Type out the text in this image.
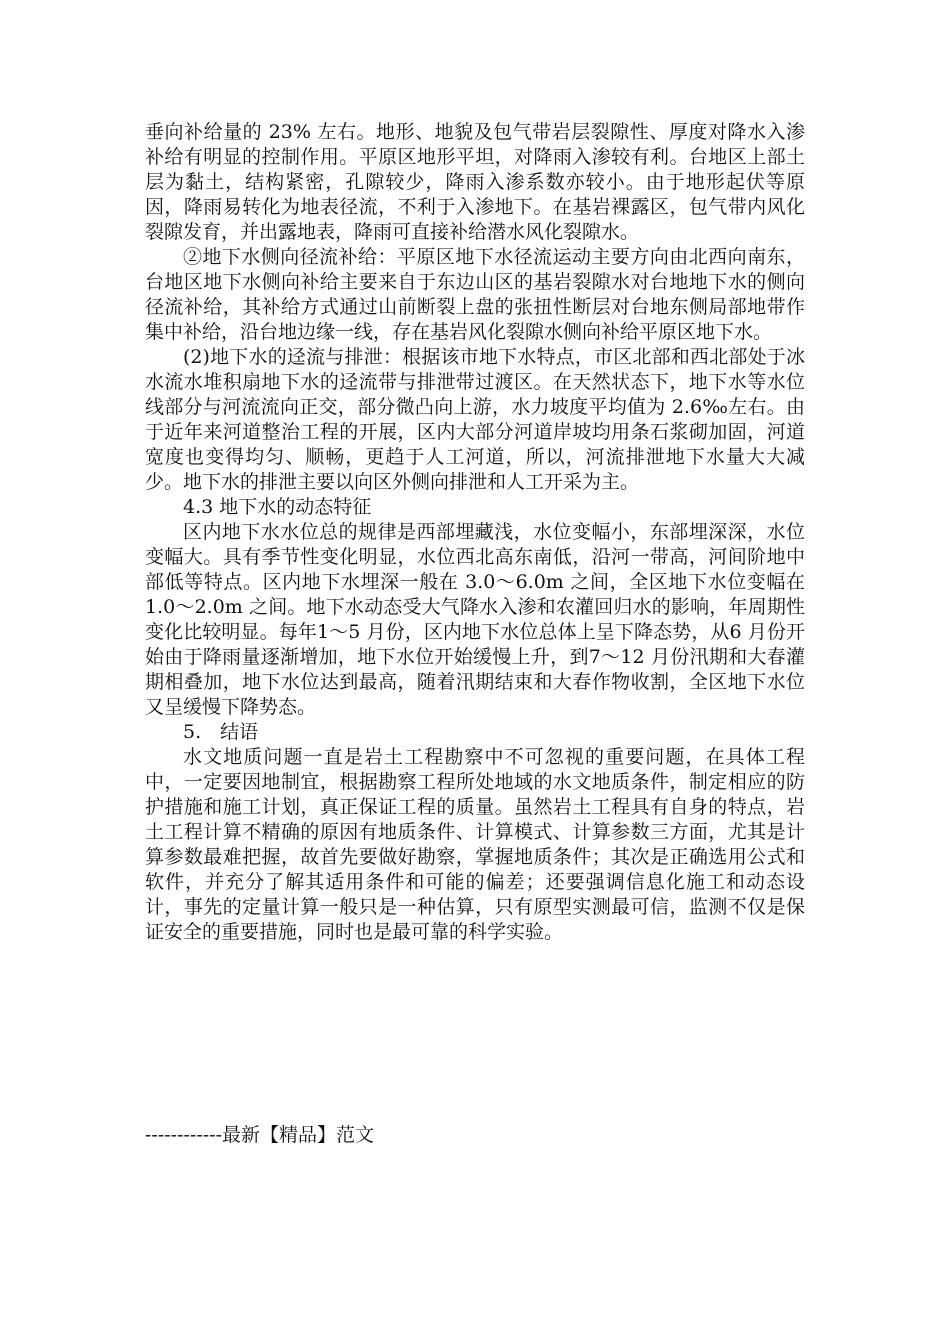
垂向补给量的 23% 左右。地形、地貌及包气带岩层裂隙性、厚度对降水入渗补给有明显的控制作用。平原区地形平坦，对降雨入渗较有利。台地区上部土层为黏土，结构紧密，孔隙较少，降雨入渗系数亦较小。由于地形起伏等原因，降雨易转化为地表径流，不利于入渗地下。在基岩裸露区，包气带内风化裂隙发育，并出露地表，降雨可直接补给潜水风化裂隙水。

②地下水侧向径流补给：平原区地下水径流运动主要方向由北西向南东，台地区地下水侧向补给主要来自于东边山区的基岩裂隙水对台地地下水的侧向径流补给，其补给方式通过山前断裂上盘的张扭性断层对台地东侧局部地带作集中补给，沿台地边缘一线，存在基岩风化裂隙水侧向补给平原区地下水。

(2)地下水的迳流与排泄：根据该市地下水特点，市区北部和西北部处于冰水流水堆积扇地下水的迳流带与排泄带过渡区。在天然状态下，地下水等水位线部分与河流流向正交，部分微凸向上游，水力坡度平均值为 2.6‰左右。由于近年来河道整治工程的开展，区内大部分河道岸坡均用条石浆砌加固，河道宽度也变得均匀、顺畅，更趋于人工河道，所以，河流排泄地下水量大大减少。地下水的排泄主要以向区外侧向排泄和人工开采为主。

4.3 地下水的动态特征

区内地下水水位总的规律是西部埋藏浅，水位变幅小，东部埋深深，水位变幅大。具有季节性变化明显，水位西北高东南低，沿河一带高，河间阶地中部低等特点。区内地下水埋深一般在 3.0～6.0m 之间，全区地下水位变幅在 1.0～2.0m 之间。地下水动态受大气降水入渗和农灌回归水的影响，年周期性变化比较明显。每年1～5 月份，区内地下水位总体上呈下降态势，从6 月份开始由于降雨量逐渐增加，地下水位开始缓慢上升，到7～12 月份汛期和大春灌期相叠加，地下水位达到最高，随着汛期结束和大春作物收割，全区地下水位又呈缓慢下降势态。

5.　结语

水文地质问题一直是岩土工程勘察中不可忽视的重要问题，在具体工程中，一定要因地制宜，根据勘察工程所处地域的水文地质条件，制定相应的防护措施和施工计划，真正保证工程的质量。虽然岩土工程具有自身的特点，岩土工程计算不精确的原因有地质条件、计算模式、计算参数三方面，尤其是计算参数最难把握，故首先要做好勘察，掌握地质条件；其次是正确选用公式和软件，并充分了解其适用条件和可能的偏差；还要强调信息化施工和动态设计，事先的定量计算一般只是一种估算，只有原型实测最可信，监测不仅是保证安全的重要措施，同时也是最可靠的科学实验。

------------最新【精品】范文
